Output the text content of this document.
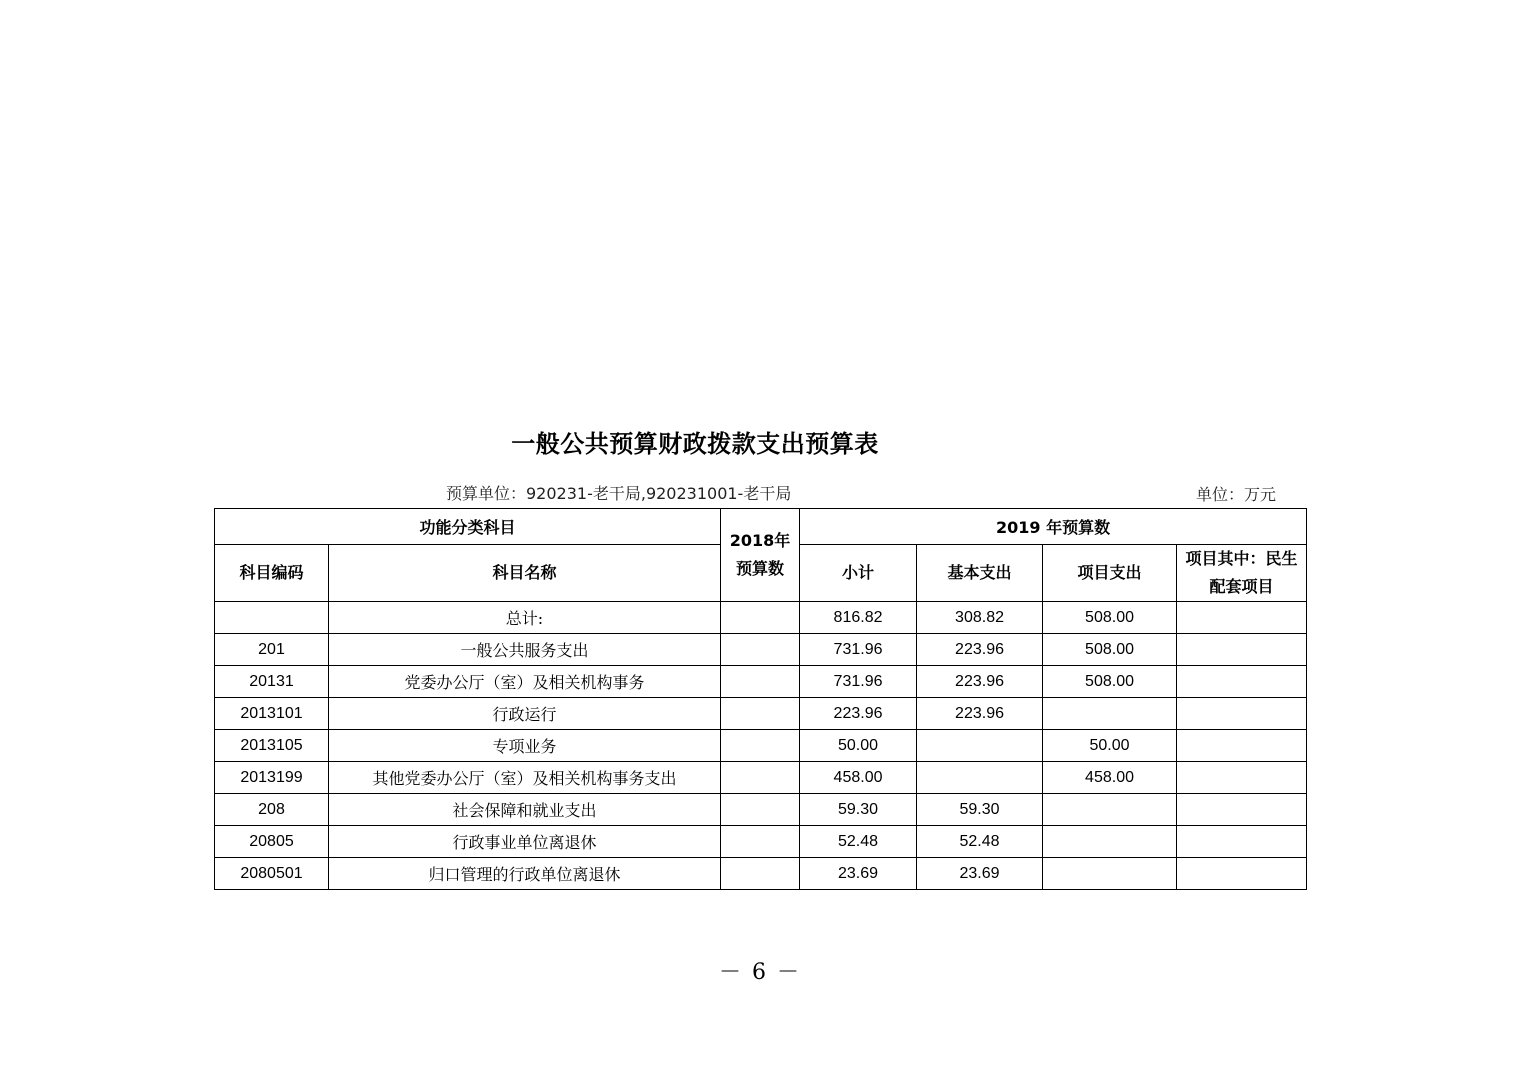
一般公共预算财政拨款支出预算表
预算单位：920231-老干局,920231001-老干局	单位：万元
功能分类科目		2018年预算数	2019 年预算数			
科目编码	科目名称		小计	基本支出	项目支出	项目其中：民生配套项目
	总计:		816.82	308.82	508.00	
201	一般公共服务支出		731.96	223.96	508.00	
20131	党委办公厅（室）及相关机构事务		731.96	223.96	508.00	
2013101	行政运行		223.96	223.96		
2013105	专项业务		50.00		50.00	
2013199	其他党委办公厅（室）及相关机构事务支出		458.00		458.00	
208	社会保障和就业支出		59.30	59.30		
20805	行政事业单位离退休		52.48	52.48		
2080501	归口管理的行政单位离退休		23.69	23.69		
－ 6 －
